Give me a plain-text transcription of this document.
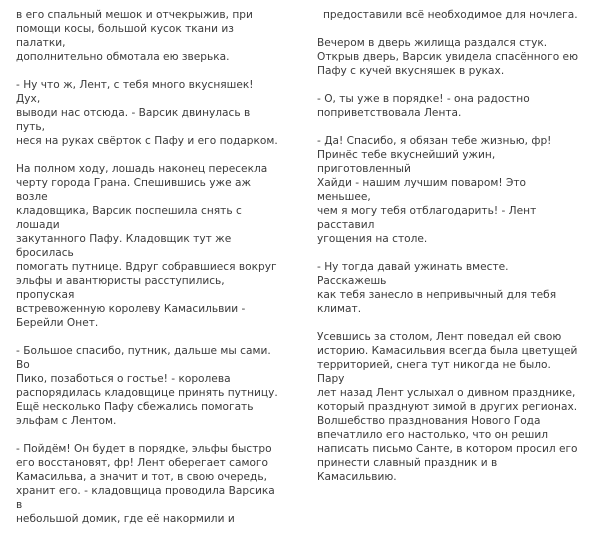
в его спальный мешок и отчекрыжив, при
помощи косы, большой кусок ткани из палатки,
дополнительно обмотала ею зверька.

- Ну что ж, Лент, с тебя много вкусняшек! Дух,
выводи нас отсюда. - Варсик двинулась в путь,
неся на руках свёрток с Пафу и его подарком.

На полном ходу, лошадь наконец пересекла
черту города Грана. Спешившись уже аж возле
кладовщика, Варсик поспешила снять с лошади
закутанного Пафу. Кладовщик тут же бросилась
помогать путнице. Вдруг собравшиеся вокруг
эльфы и авантюристы расступились, пропуская
встревоженную королеву Камасильвии -
Берейли Онет.

- Большое спасибо, путник, дальше мы сами. Во
Пико, позаботься о гостье! - королева
распорядилась кладовщице принять путницу.
Ещё несколько Пафу сбежались помогать
эльфам с Лентом.

- Пойдём! Он будет в порядке, эльфы быстро
его восстановят, фр! Лент оберегает самого
Камасильва, а значит и тот, в свою очередь,
хранит его. - кладовщица проводила Варсика в
небольшой домик, где её накормили и

предоставили всё необходимое для ночлега.

Вечером в дверь жилища раздался стук.
Открыв дверь, Варсик увидела спасённого ею
Пафу с кучей вкусняшек в руках.

- О, ты уже в порядке! - она радостно
поприветствовала Лента.

- Да! Спасибо, я обязан тебе жизнью, фр!
Принёс тебе вкуснейший ужин, приготовленный
Хайди - нашим лучшим поваром! Это меньшее,
чем я могу тебя отблагодарить! - Лент расставил
угощения на столе.

- Ну тогда давай ужинать вместе. Расскажешь
как тебя занесло в непривычный для тебя
климат.

Усевшись за столом, Лент поведал ей свою
историю. Камасильвия всегда была цветущей
территорией, снега тут никогда не было. Пару
лет назад Лент услыхал о дивном празднике,
который празднуют зимой в других регионах.
Волшебство празднования Нового Года
впечатлило его настолько, что он решил
написать письмо Санте, в котором просил его
принести славный праздник и в Камасильвию.
